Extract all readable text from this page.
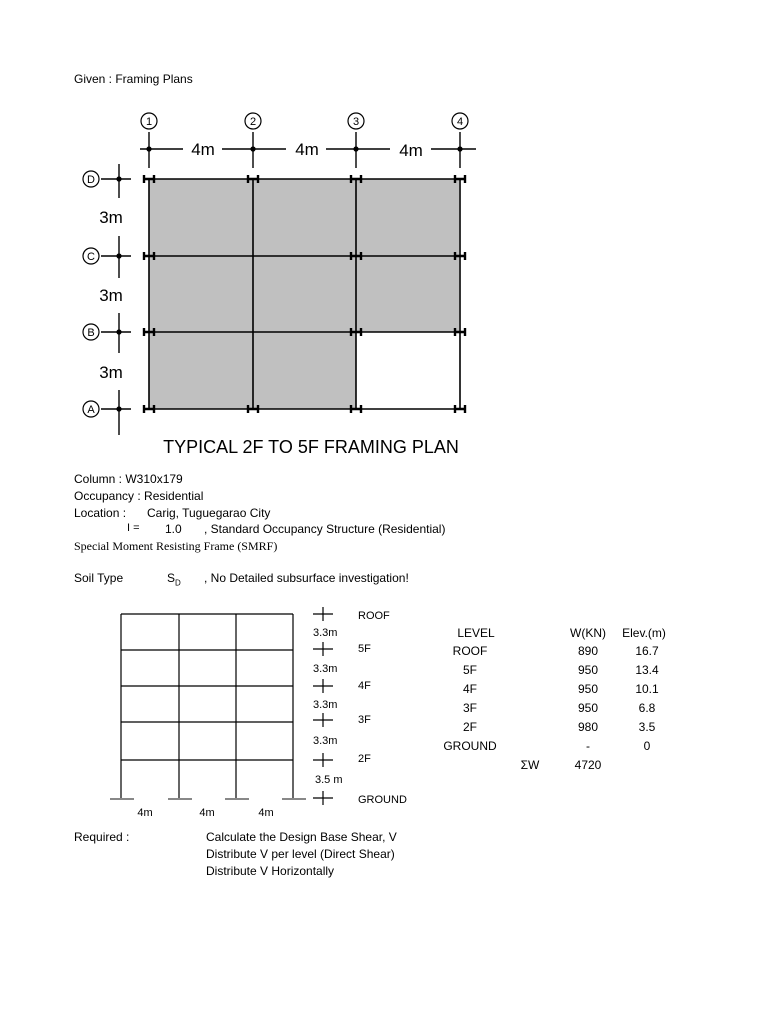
Given : Framing Plans
1	2	3	4
D
C
B
A
4m	4m	4m
3m
3m
3m
TYPICAL 2F TO 5F FRAMING PLAN
Column : W310x179
Occupancy : Residential
Location : Carig, Tuguegarao City
I = 1.0 , Standard Occupancy Structure (Residential)
Special Moment Resisting Frame (SMRF)
Soil Type	$S_D$ , No Detailed subsurface investigation!
ROOF
5F
4F
3F
2F
GROUND
3.3m
3.3m
3.3m
3.3m
3.5 m
4m	4m	4m
LEVEL	W(KN)	Elev.(m)
ROOF	890	16.7
5F	950	13.4
4F	950	10.1
3F	950	6.8
2F	980	3.5
GROUND	-	0
ΣW	4720
Required :	Calculate the Design Base Shear, V
Distribute V per level (Direct Shear)
Distribute V Horizontally
